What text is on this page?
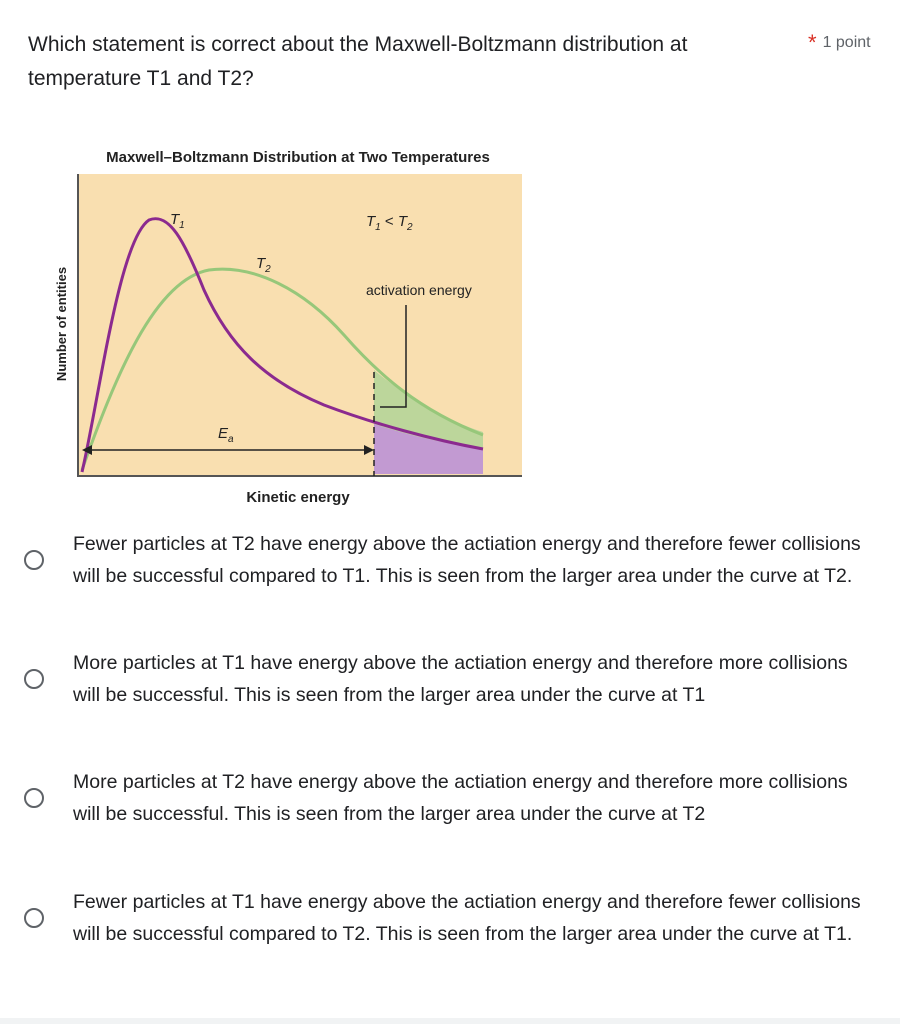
Which statement is correct about the Maxwell-Boltzmann distribution at temperature T1 and T2?
* 1 point
Maxwell–Boltzmann Distribution at Two Temperatures
$T_1$
$T_2$
$T_1 < T_2$
activation energy
$E_a$
Kinetic energy
Number of entities
Fewer particles at T2 have energy above the actiation energy and therefore fewer collisions will be successful compared to T1. This is seen from the larger area under the curve at T2.
More particles at T1 have energy above the actiation energy and therefore more collisions will be successful. This is seen from the larger area under the curve at T1
More particles at T2 have energy above the actiation energy and therefore more collisions will be successful. This is seen from the larger area under the curve at T2
Fewer particles at T1 have energy above the actiation energy and therefore fewer collisions will be successful compared to T2. This is seen from the larger area under the curve at T1.
